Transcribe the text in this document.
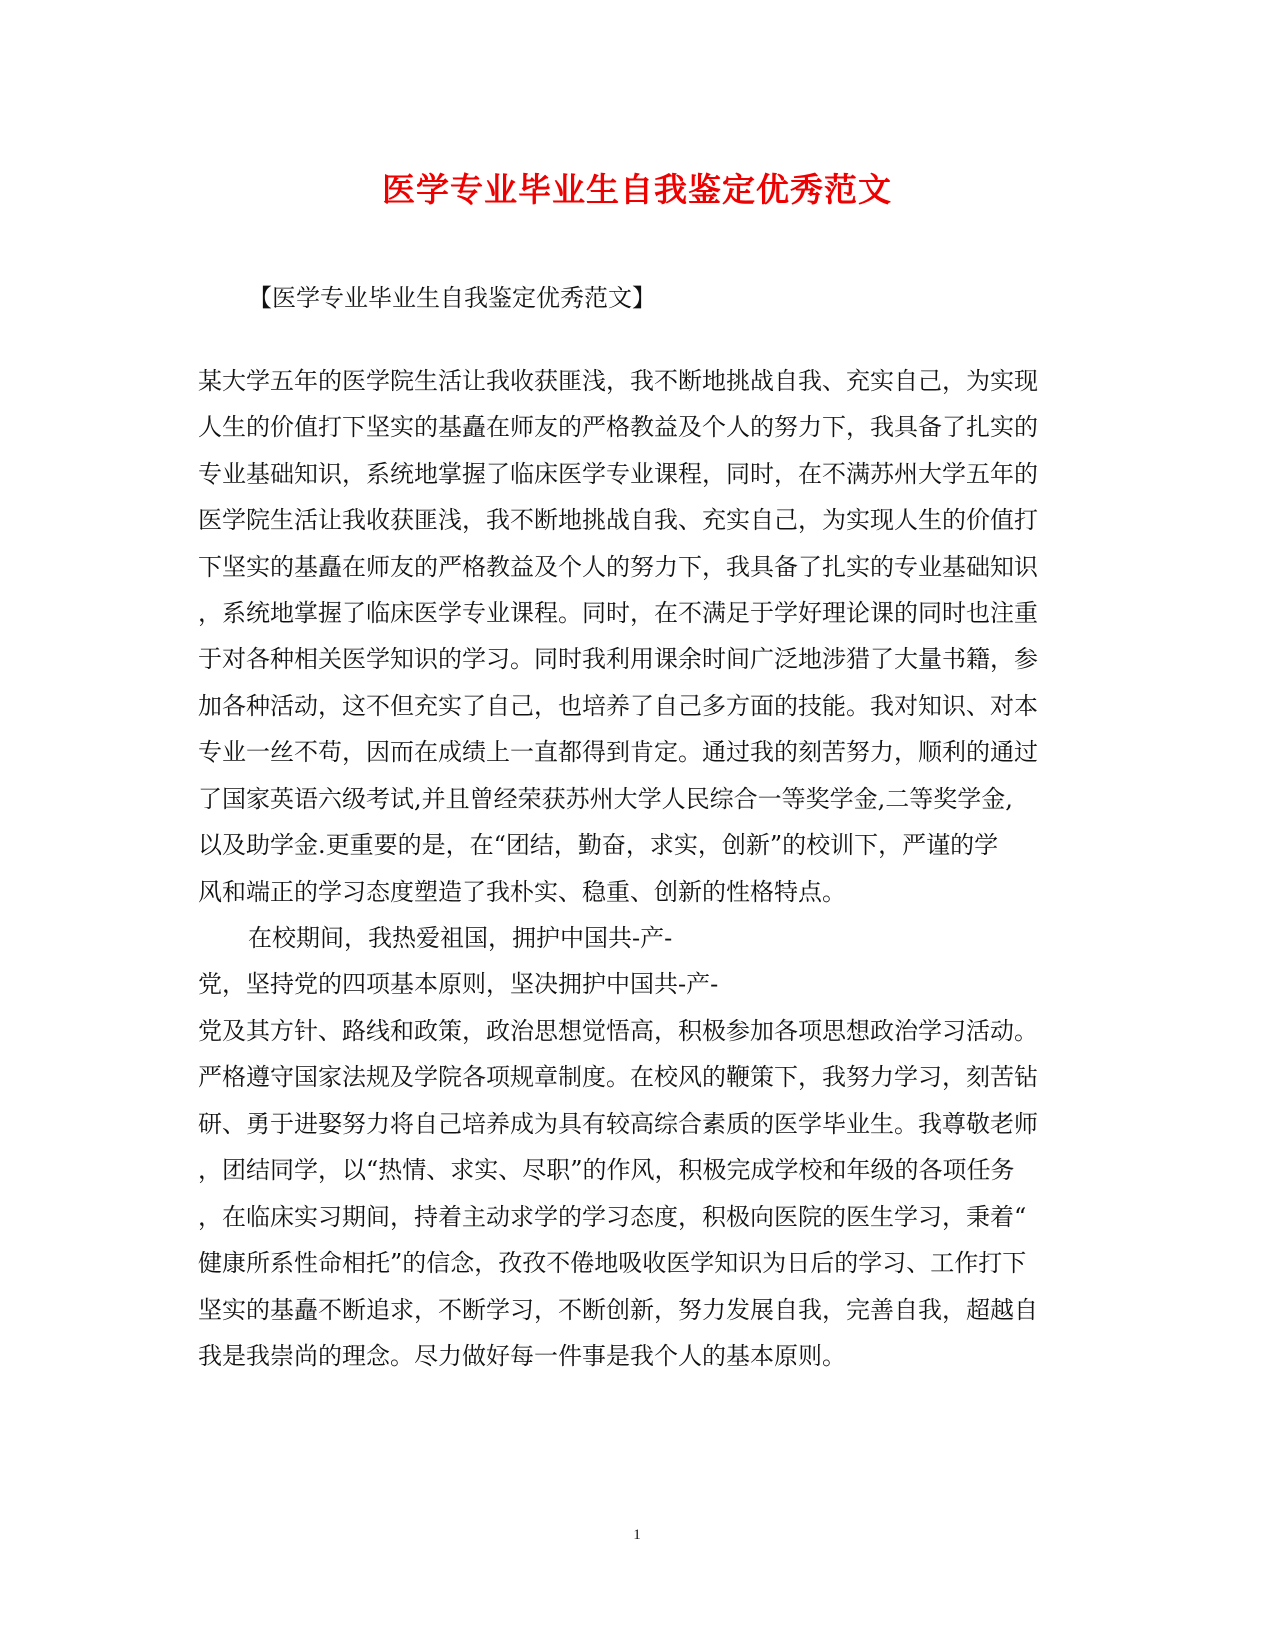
医学专业毕业生自我鉴定优秀范文
【医学专业毕业生自我鉴定优秀范文】
某大学五年的医学院生活让我收获匪浅，我不断地挑战自我、充实自己，为实现
人生的价值打下坚实的基矗在师友的严格教益及个人的努力下，我具备了扎实的
专业基础知识，系统地掌握了临床医学专业课程，同时，在不满苏州大学五年的
医学院生活让我收获匪浅，我不断地挑战自我、充实自己，为实现人生的价值打
下坚实的基矗在师友的严格教益及个人的努力下，我具备了扎实的专业基础知识
，系统地掌握了临床医学专业课程。同时，在不满足于学好理论课的同时也注重
于对各种相关医学知识的学习。同时我利用课余时间广泛地涉猎了大量书籍，参
加各种活动，这不但充实了自己，也培养了自己多方面的技能。我对知识、对本
专业一丝不苟，因而在成绩上一直都得到肯定。通过我的刻苦努力，顺利的通过
了国家英语六级考试,并且曾经荣获苏州大学人民综合一等奖学金,二等奖学金,
以及助学金.更重要的是，在“团结，勤奋，求实，创新”的校训下，严谨的学
风和端正的学习态度塑造了我朴实、稳重、创新的性格特点。
在校期间，我热爱祖国，拥护中国共-产-
党，坚持党的四项基本原则，坚决拥护中国共-产-
党及其方针、路线和政策，政治思想觉悟高，积极参加各项思想政治学习活动。
严格遵守国家法规及学院各项规章制度。在校风的鞭策下，我努力学习，刻苦钻
研、勇于进娶努力将自己培养成为具有较高综合素质的医学毕业生。我尊敬老师
，团结同学，以“热情、求实、尽职”的作风，积极完成学校和年级的各项任务
，在临床实习期间，持着主动求学的学习态度，积极向医院的医生学习，秉着“
健康所系性命相托”的信念，孜孜不倦地吸收医学知识为日后的学习、工作打下
坚实的基矗不断追求，不断学习，不断创新，努力发展自我，完善自我，超越自
我是我崇尚的理念。尽力做好每一件事是我个人的基本原则。
1
